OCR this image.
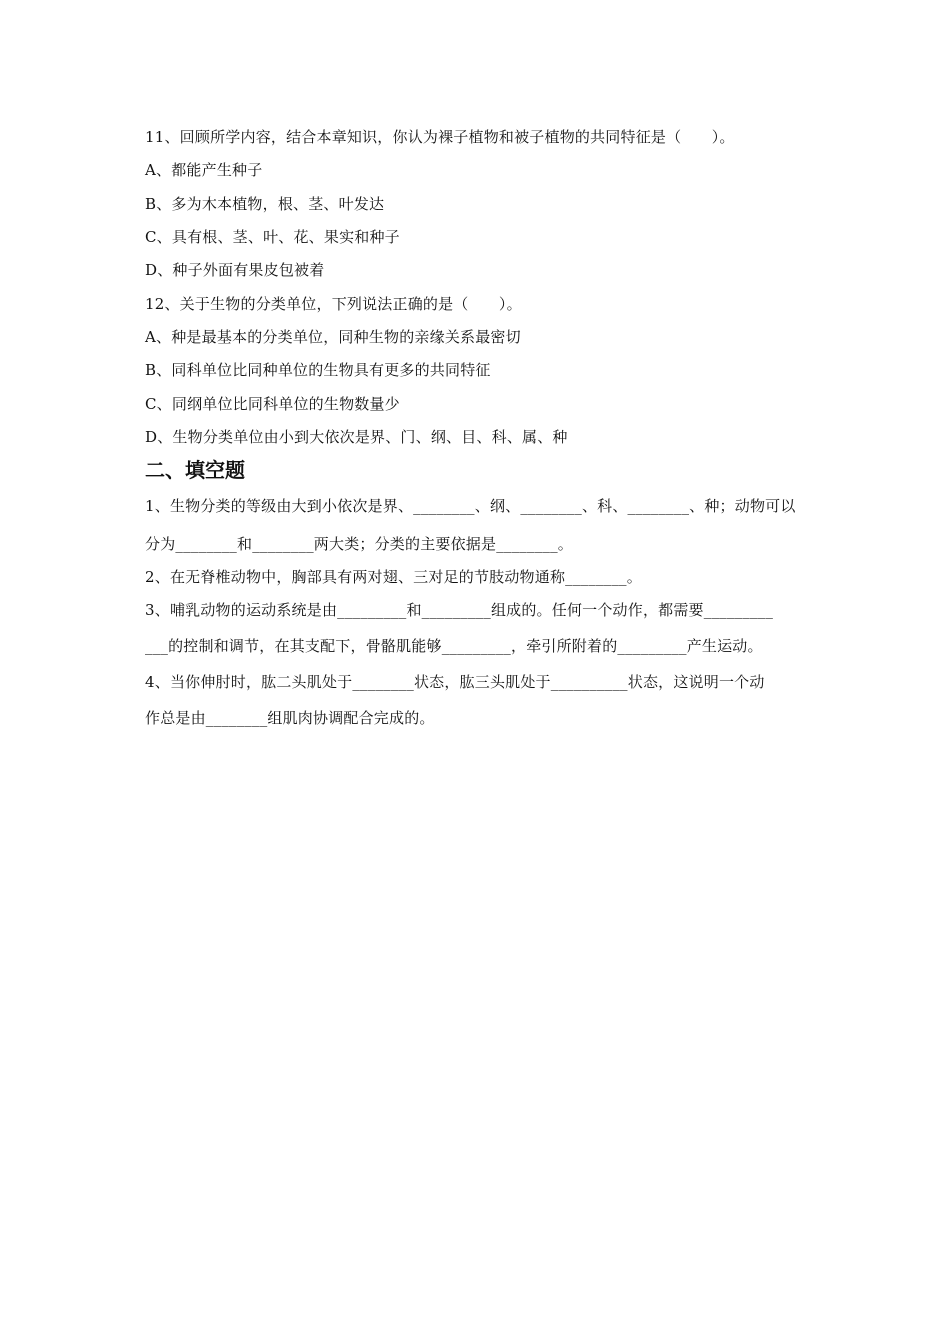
11、回顾所学内容，结合本章知识，你认为裸子植物和被子植物的共同特征是（　　）。
A、都能产生种子
B、多为木本植物，根、茎、叶发达
C、具有根、茎、叶、花、果实和种子
D、种子外面有果皮包被着
12、关于生物的分类单位，下列说法正确的是（　　）。
A、种是最基本的分类单位，同种生物的亲缘关系最密切
B、同科单位比同种单位的生物具有更多的共同特征
C、同纲单位比同科单位的生物数量少
D、生物分类单位由小到大依次是界、门、纲、目、科、属、种
二、填空题
1、生物分类的等级由大到小依次是界、________、纲、________、科、________、种；动物可以
分为________和________两大类；分类的主要依据是________。
2、在无脊椎动物中，胸部具有两对翅、三对足的节肢动物通称________。
3、哺乳动物的运动系统是由_________和_________组成的。任何一个动作，都需要_________
___的控制和调节，在其支配下，骨骼肌能够_________，牵引所附着的_________产生运动。
4、当你伸肘时，肱二头肌处于________状态，肱三头肌处于__________状态，这说明一个动
作总是由________组肌肉协调配合完成的。
